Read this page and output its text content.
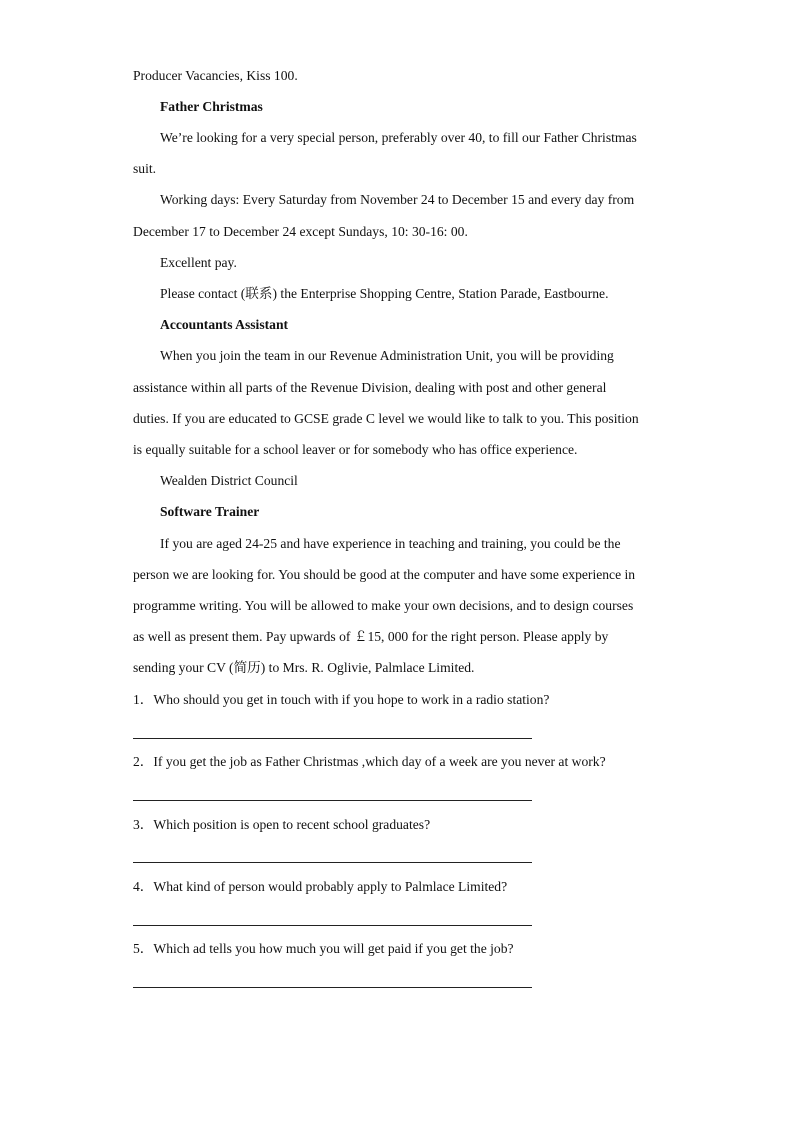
Producer Vacancies, Kiss 100.
Father Christmas
We’re looking for a very special person, preferably over 40, to fill our Father Christmas
suit.
Working days: Every Saturday from November 24 to December 15 and every day from
December 17 to December 24 except Sundays, 10: 30-16: 00.
Excellent pay.
Please contact (联系) the Enterprise Shopping Centre, Station Parade, Eastbourne.
Accountants Assistant
When you join the team in our Revenue Administration Unit, you will be providing
assistance within all parts of the Revenue Division, dealing with post and other general
duties. If you are educated to GCSE grade C level we would like to talk to you. This position
is equally suitable for a school leaver or for somebody who has office experience.
Wealden District Council
Software Trainer
If you are aged 24-25 and have experience in teaching and training, you could be the
person we are looking for. You should be good at the computer and have some experience in
programme writing. You will be allowed to make your own decisions, and to design courses
as well as present them. Pay upwards of ￡15, 000 for the right person. Please apply by
sending your CV (简历) to Mrs. R. Oglivie, Palmlace Limited.
1．Who should you get in touch with if you hope to work in a radio station?
2．If you get the job as Father Christmas ,which day of a week are you never at work?
3．Which position is open to recent school graduates?
4．What kind of person would probably apply to Palmlace Limited?
5．Which ad tells you how much you will get paid if you get the job?
